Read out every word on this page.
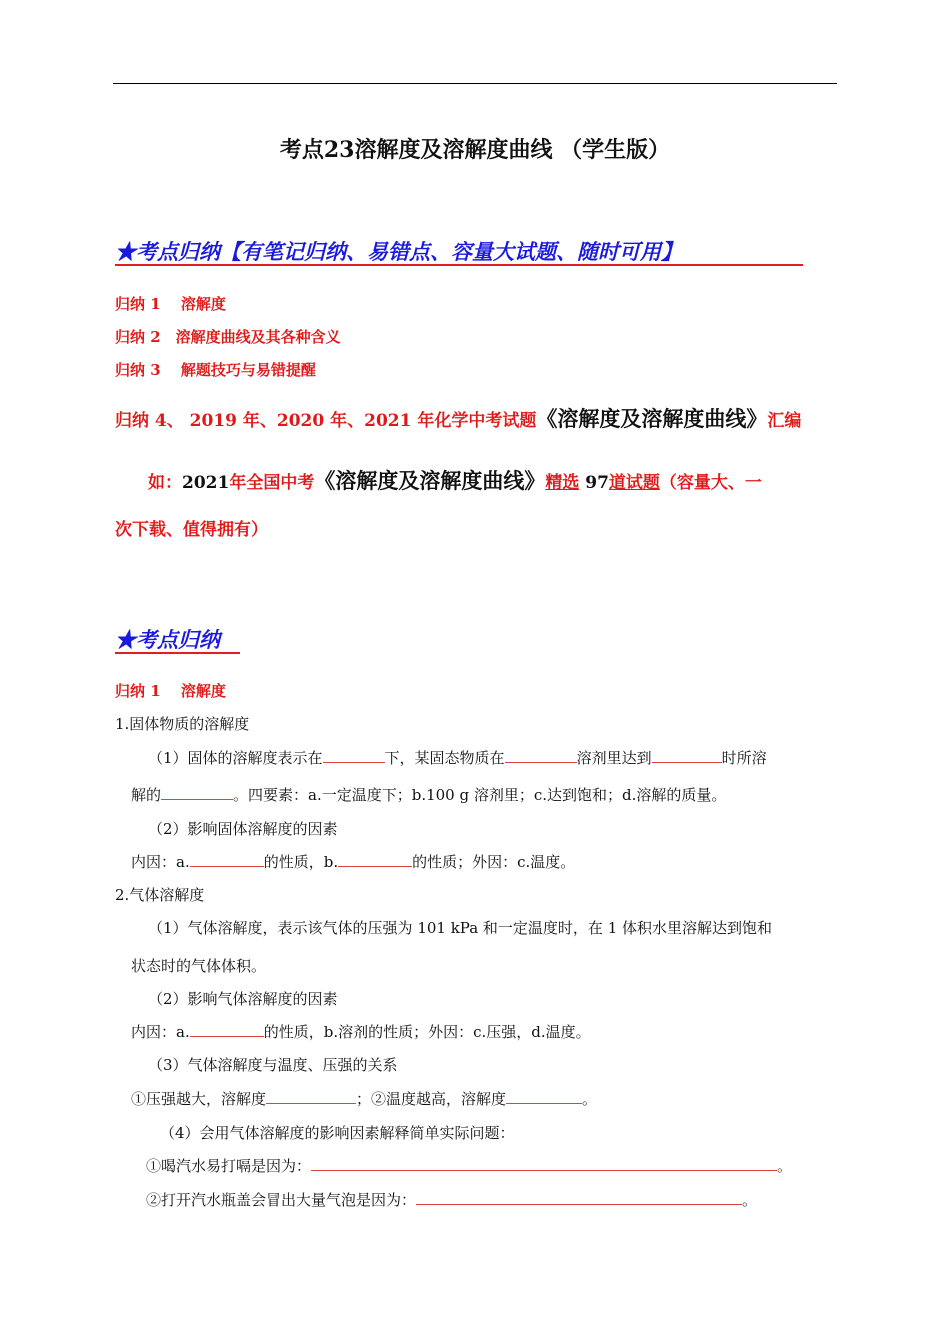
考点23溶解度及溶解度曲线 （学生版）
★考点归纳【有笔记归纳、易错点、容量大试题、随时可用】
归纳 1　 溶解度
归纳 2　溶解度曲线及其各种含义
归纳 3　 解题技巧与易错提醒
归纳 4、 2019 年、2020 年、2021 年化学中考试题《溶解度及溶解度曲线》汇编
如：2021年全国中考《溶解度及溶解度曲线》精选 97道试题（容量大、一
次下载、值得拥有）
★考点归纳
归纳 1　 溶解度
1.固体物质的溶解度
（1）固体的溶解度表示在	下，某固态物质在	溶剂里达到	时所溶
解的	。四要素：a.一定温度下；b.100 g 溶剂里；c.达到饱和；d.溶解的质量。
（2）影响固体溶解度的因素
内因：a.	的性质，b.	的性质；外因：c.温度。
2.气体溶解度
（1）气体溶解度，表示该气体的压强为 101 kPa 和一定温度时，在 1 体积水里溶解达到饱和
状态时的气体体积。
（2）影响气体溶解度的因素
内因：a.	的性质，b.溶剂的性质；外因：c.压强，d.温度。
（3）气体溶解度与温度、压强的关系
①压强越大，溶解度	；②温度越高，溶解度	。
（4）会用气体溶解度的影响因素解释简单实际问题：
①喝汽水易打嗝是因为：	。
②打开汽水瓶盖会冒出大量气泡是因为：	。
